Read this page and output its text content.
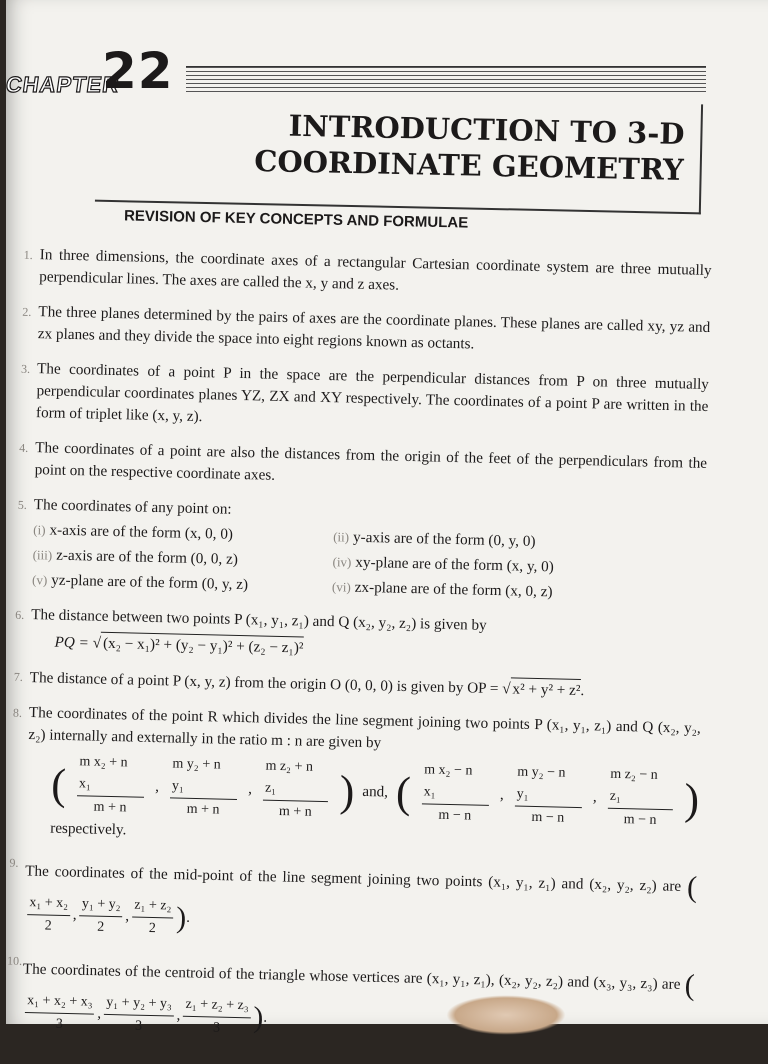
CHAPTER
22
INTRODUCTION TO 3-D
COORDINATE GEOMETRY
REVISION OF KEY CONCEPTS AND FORMULAE
1. In three dimensions, the coordinate axes of a rectangular Cartesian coordinate system are three mutually perpendicular lines. The axes are called the x, y and z axes.

2. The three planes determined by the pairs of axes are the coordinate planes. These planes are called xy, yz and zx planes and they divide the space into eight regions known as octants.

3. The coordinates of a point P in the space are the perpendicular distances from P on three mutually perpendicular coordinates planes YZ, ZX and XY respectively. The coordinates of a point P are written in the form of triplet like (x, y, z).

4. The coordinates of a point are also the distances from the origin of the feet of the perpendiculars from the point on the respective coordinate axes.

5. The coordinates of any point on:

(i) x-axis are of the form (x, 0, 0)	(ii) y-axis are of the form (0, y, 0)
(iii) z-axis are of the form (0, 0, z)	(iv) xy-plane are of the form (x, y, 0)
(v) yz-plane are of the form (0, y, z)	(vi) zx-plane are of the form (x, 0, z)
6. The distance between two points P (x₁, y₁, z₁) and Q (x₂, y₂, z₂) is given by

PQ = √ (x₂ − x₁)² + (y₂ − y₁)² + (z₂ − z₁)²
7. The distance of a point P (x, y, z) from the origin O (0, 0, 0) is given by OP = √ x² + y² + z².

8. The coordinates of the point R which divides the line segment joining two points P (x₁, y₁, z₁) and Q (x₂, y₂, z₂) internally and externally in the ratio m : n are given by

( $\frac{\text{m x₂ + n x₁}}{m + n}$ , $\frac{\text{m y₂ + n y₁}}{m + n}$ , $\frac{\text{m z₂ + n z₁}}{m + n}$ ) and, ( $\frac{\text{m x₂ − n x₁}}{m - n}$ , $\frac{\text{m y₂ − n y₁}}{m - n}$ , $\frac{\text{m z₂ − n z₁}}{m - n}$ )

respectively.

9. The coordinates of the mid-point of the line segment joining two points (x₁, y₁, z₁) and (x₂, y₂, z₂) are (
$\frac{\text{x₁ + x₂}}{2}$ , $\frac{\text{y₁ + y₂}}{2}$ , $\frac{\text{z₁ + z₂}}{2}$ ).

10. The coordinates of the centroid of the triangle whose vertices are (x₁, y₁, z₁), (x₂, y₂, z₂) and (x₃, y₃, z₃) are (
$\frac{\text{x₁ + x₂ + x₃}}{3}$ , $\frac{\text{y₁ + y₂ + y₃}}{3}$ , $\frac{\text{z₁ + z₂ + z₃}}{3}$ ).
